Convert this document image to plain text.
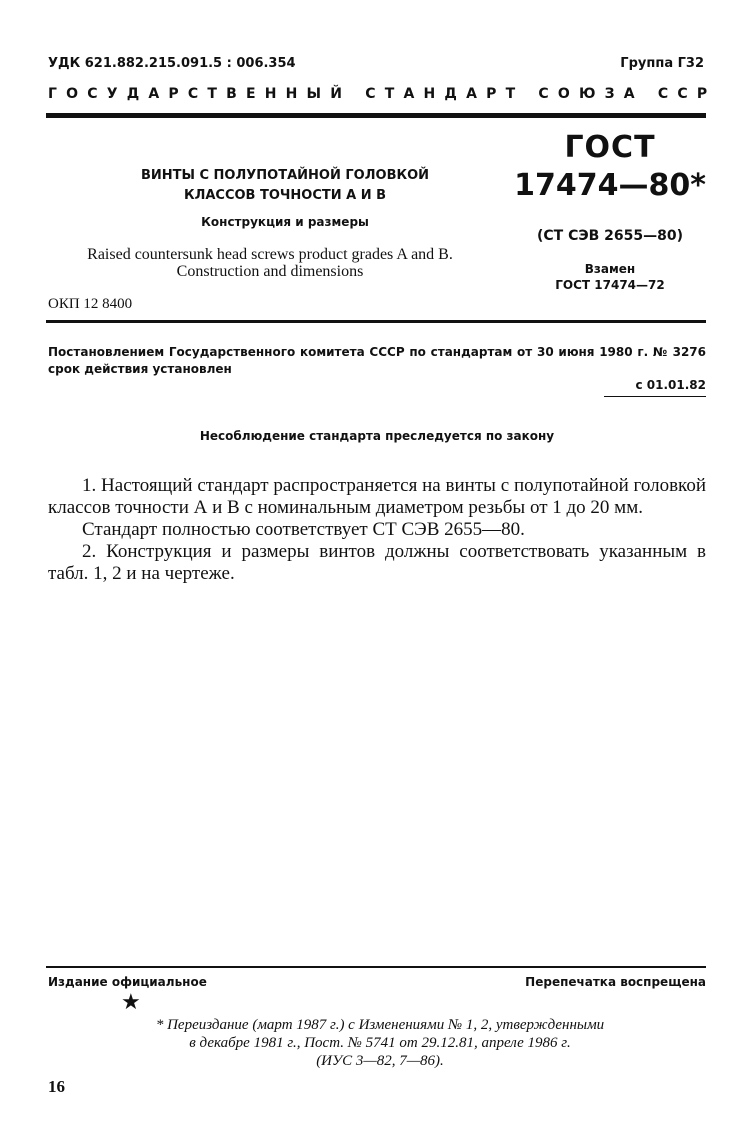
УДК 621.882.215.091.5 : 006.354	Группа Г32
ГОСУДАРСТВЕННЫЙ СТАНДАРТ СОЮЗА ССР
ВИНТЫ С ПОЛУПОТАЙНОЙ ГОЛОВКОЙ
КЛАССОВ ТОЧНОСТИ А И В
Конструкция и размеры
Raised countersunk head screws product grades A and B.
Construction and dimensions
ОКП 12 8400
ГОСТ
17474—80*
(СТ СЭВ 2655—80)
Взамен
ГОСТ 17474—72
Постановлением Государственного комитета СССР по стандартам от 30 июня 1980 г. № 3276 срок действия установлен
с 01.01.82
Несоблюдение стандарта преследуется по закону

1. Настоящий стандарт распространяется на винты с полупотайной головкой классов точности А и В с номинальным диаметром резьбы от 1 до 20 мм.

Стандарт полностью соответствует СТ СЭВ 2655—80.

2. Конструкция и размеры винтов должны соответствовать указанным в табл. 1, 2 и на чертеже.

Издание официальное	Перепечатка воспрещена
★
* Переиздание (март 1987 г.) с Изменениями № 1, 2, утвержденными
в декабре 1981 г., Пост. № 5741 от 29.12.81, апреле 1986 г.
(ИУС 3—82, 7—86).
16
